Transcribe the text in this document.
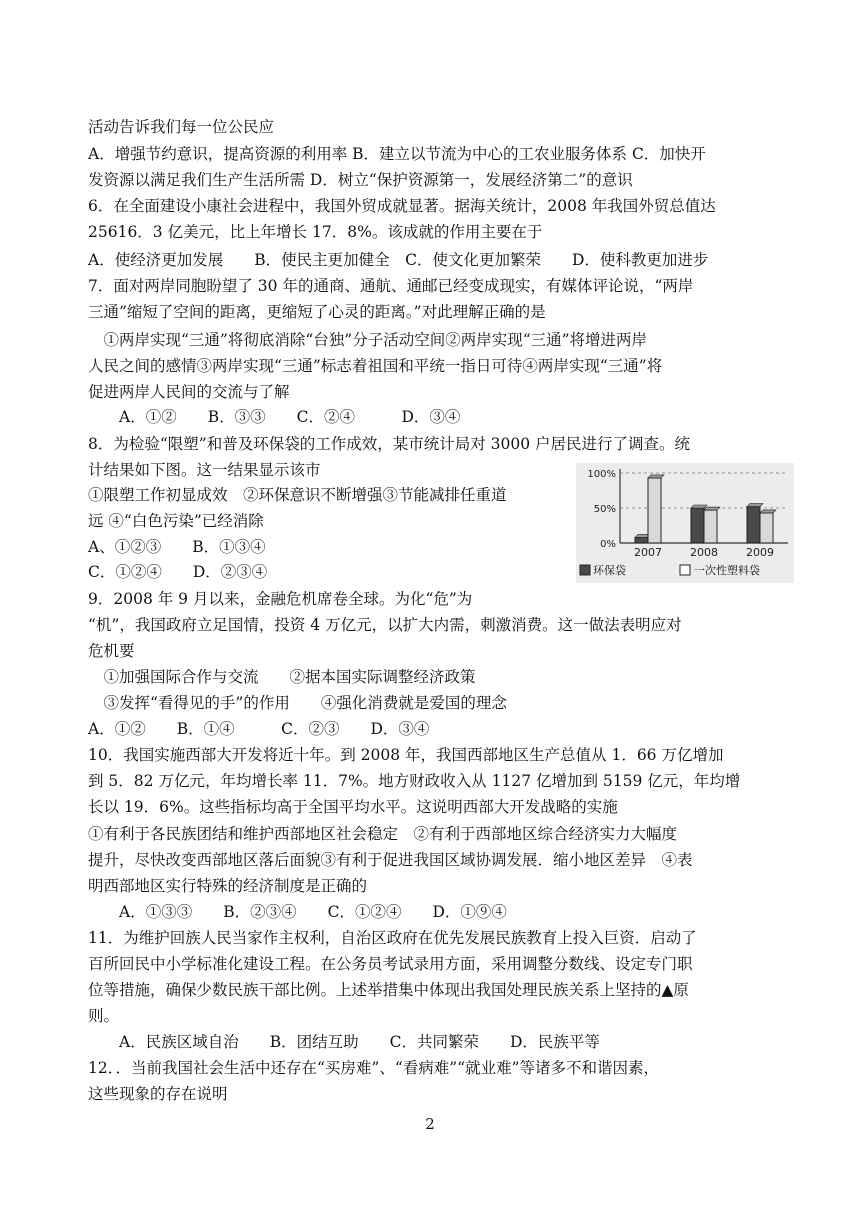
活动告诉我们每一位公民应
A．增强节约意识，提高资源的利用率 B．建立以节流为中心的工农业服务体系 C．加快开
发资源以满足我们生产生活所需 D．树立“保护资源第一，发展经济第二”的意识
6．在全面建设小康社会进程中，我国外贸成就显著。据海关统计，2008 年我国外贸总值达
25616．3 亿美元，比上年增长 17．8%。该成就的作用主要在于
A．使经济更加发展　　B．使民主更加健全　C．使文化更加繁荣　　D．使科教更加进步
7．面对两岸同胞盼望了 30 年的通商、通航、通邮已经变成现实，有媒体评论说，“两岸
三通”缩短了空间的距离，更缩短了心灵的距离。”对此理解正确的是
　①两岸实现“三通”将彻底消除“台独”分子活动空间②两岸实现“三通”将增进两岸
人民之间的感情③两岸实现“三通”标志着祖国和平统一指日可待④两岸实现“三通”将
促进两岸人民间的交流与了解
　　A．①②　　B．③③　　C．②④　　　D．③④
8．为检验“限塑”和普及环保袋的工作成效，某市统计局对 3000 户居民进行了调查。统
计结果如下图。这一结果显示该市
①限塑工作初显成效　②环保意识不断增强③节能减排任重道
远 ④“白色污染”已经消除
A、①②③　　B．①③④
C．①②④　　D．②③④
9．2008 年 9 月以来，金融危机席卷全球。为化“危”为
“机”，我国政府立足国情，投资 4 万亿元，以扩大内需，刺激消费。这一做法表明应对
危机要
　①加强国际合作与交流　　②据本国实际调整经济政策
　③发挥“看得见的手”的作用　　④强化消费就是爱国的理念
A．①②　　B．①④　　　C．②③　　D．③④
10．我国实施西部大开发将近十年。到 2008 年，我国西部地区生产总值从 1．66 万亿增加
到 5．82 万亿元，年均增长率 11．7%。地方财政收入从 1127 亿增加到 5159 亿元，年均增
长以 19．6%。这些指标均高于全国平均水平。这说明西部大开发战略的实施
①有利于各民族团结和维护西部地区社会稳定　②有利于西部地区综合经济实力大幅度
提升，尽快改变西部地区落后面貌③有利于促进我国区域协调发展．缩小地区差异　④表
明西部地区实行特殊的经济制度是正确的
　　A．①③③　　B．②③④　　C．①②④　　D．①⑨④
11．为维护回族人民当家作主权利，自治区政府在优先发展民族教育上投入巨资．启动了
百所回民中小学标准化建设工程。在公务员考试录用方面，采用调整分数线、设定专门职
位等措施，确保少数民族干部比例。上述举措集中体现出我国处理民族关系上坚持的▲原
则。
　　A．民族区域自治　　B．团结互助　　C．共同繁荣　　D．民族平等
12．．当前我国社会生活中还存在“买房难”、“看病难”“就业难”等诸多不和谐因素，
这些现象的存在说明
100%
50%
0%
2007	2008	2009
环保袋	一次性塑料袋
2
